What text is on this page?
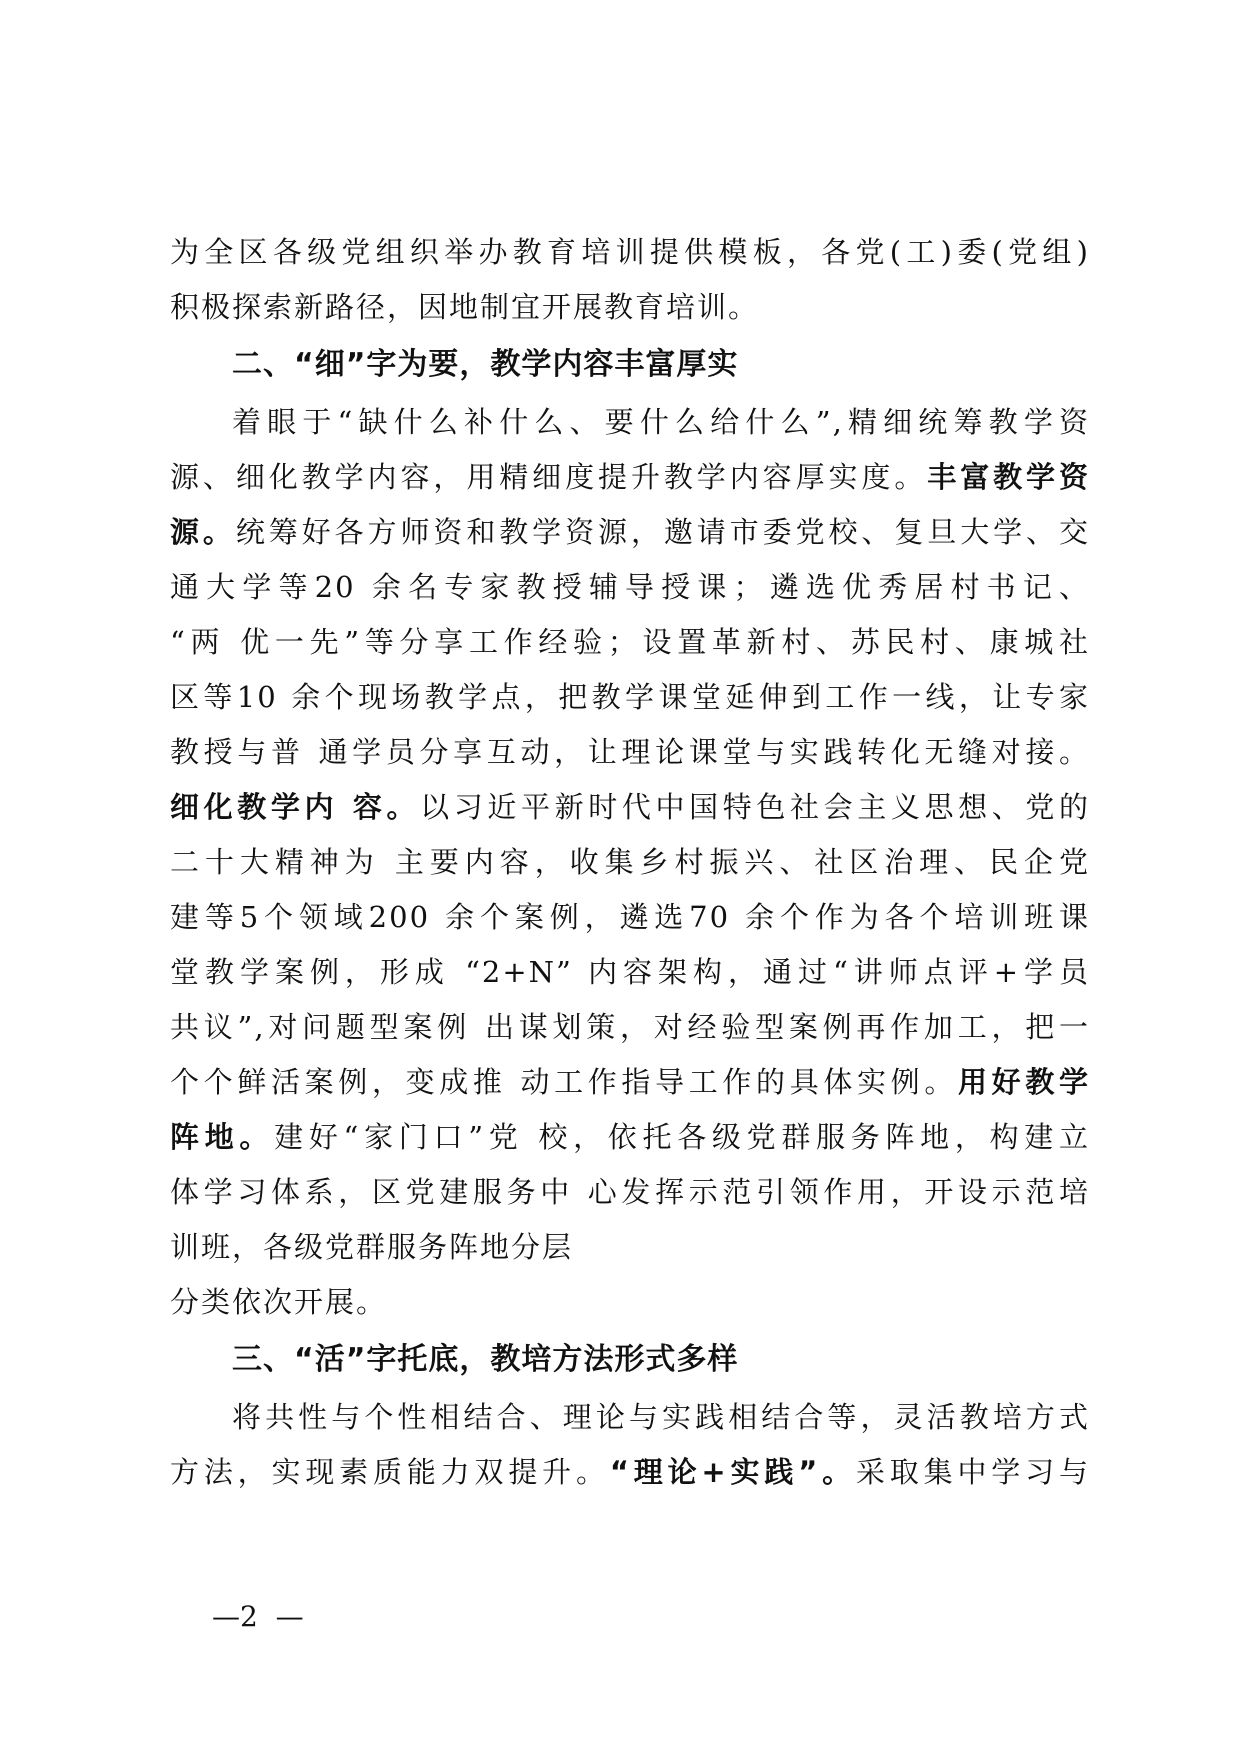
为全区各级党组织举办教育培训提供模板，各党(工)委(党组)
积极探索新路径，因地制宜开展教育培训。
二、“细”字为要，教学内容丰富厚实
着眼于“缺什么补什么、要什么给什么”,精细统筹教学资
源、细化教学内容，用精细度提升教学内容厚实度。丰富教学资
源。统筹好各方师资和教学资源，邀请市委党校、复旦大学、交
通大学等20 余名专家教授辅导授课；遴选优秀居村书记、
“两 优一先”等分享工作经验；设置革新村、苏民村、康城社
区等10 余个现场教学点，把教学课堂延伸到工作一线，让专家
教授与普 通学员分享互动，让理论课堂与实践转化无缝对接。
细化教学内 容。以习近平新时代中国特色社会主义思想、党的
二十大精神为 主要内容，收集乡村振兴、社区治理、民企党
建等5个领域200 余个案例，遴选70 余个作为各个培训班课
堂教学案例，形成 “2+N” 内容架构，通过“讲师点评+学员
共议”,对问题型案例 出谋划策，对经验型案例再作加工，把一
个个鲜活案例，变成推 动工作指导工作的具体实例。用好教学
阵地。建好“家门口”党 校，依托各级党群服务阵地，构建立
体学习体系，区党建服务中 心发挥示范引领作用，开设示范培
训班，各级党群服务阵地分层
分类依次开展。
三、“活”字托底，教培方法形式多样
将共性与个性相结合、理论与实践相结合等，灵活教培方式
方法，实现素质能力双提升。“理论+实践”。采取集中学习与
—2  —
